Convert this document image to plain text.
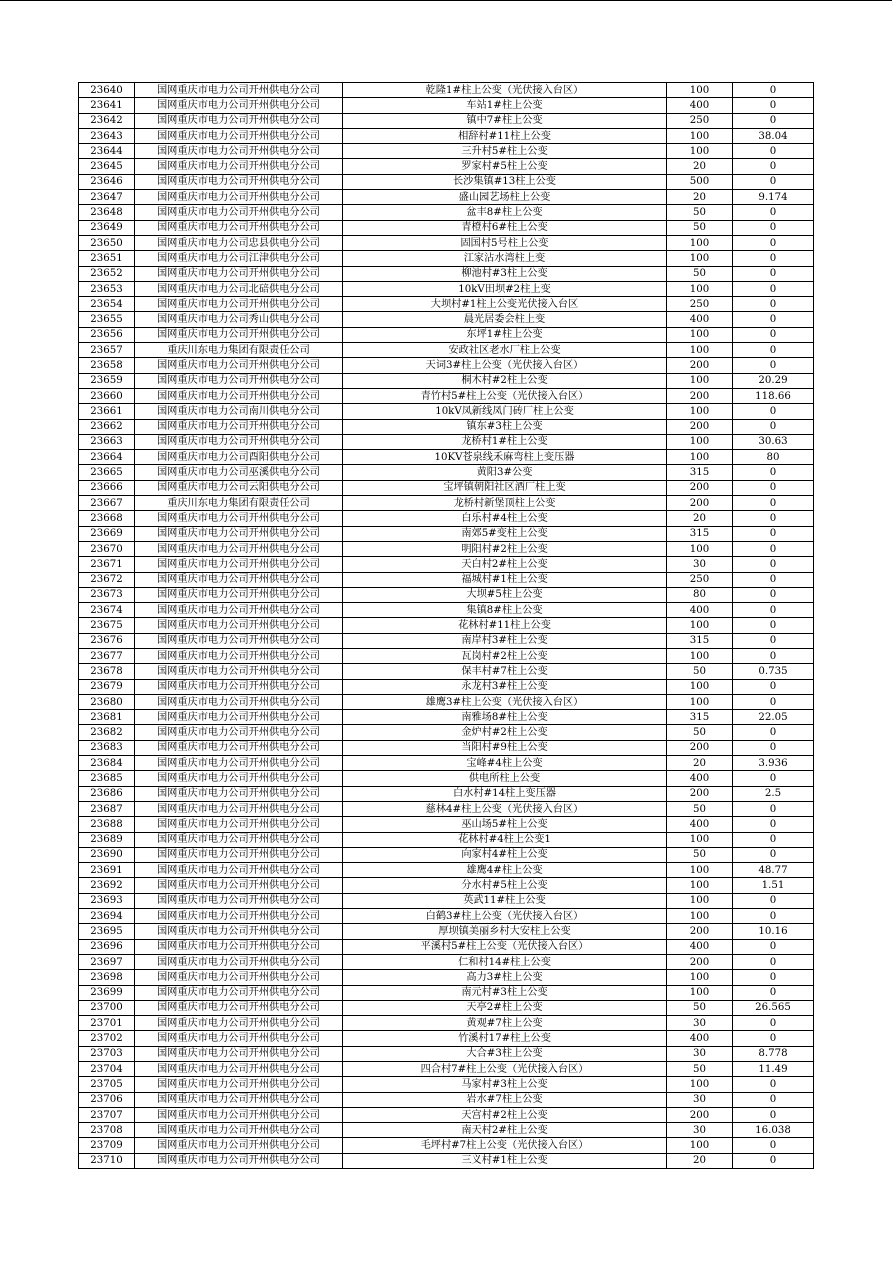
23640	国网重庆市电力公司开州供电分公司	乾隆1#柱上公变（光伏接入台区）	100	0
23641	国网重庆市电力公司开州供电分公司	车站1#柱上公变	400	0
23642	国网重庆市电力公司开州供电分公司	镇中7#柱上公变	250	0
23643	国网重庆市电力公司开州供电分公司	相辞村#11柱上公变	100	38.04
23644	国网重庆市电力公司开州供电分公司	三升村5#柱上公变	100	0
23645	国网重庆市电力公司开州供电分公司	罗家村#5柱上公变	20	0
23646	国网重庆市电力公司开州供电分公司	长沙集镇#13柱上公变	500	0
23647	国网重庆市电力公司开州供电分公司	盛山园艺场柱上公变	20	9.174
23648	国网重庆市电力公司开州供电分公司	盆丰8#柱上公变	50	0
23649	国网重庆市电力公司开州供电分公司	青橙村6#柱上公变	50	0
23650	国网重庆市电力公司忠县供电分公司	固国村5号柱上公变	100	0
23651	国网重庆市电力公司江津供电分公司	江家沾水湾柱上变	100	0
23652	国网重庆市电力公司开州供电分公司	柳池村#3柱上公变	50	0
23653	国网重庆市电力公司北碚供电分公司	10kV田坝#2柱上变	100	0
23654	国网重庆市电力公司开州供电分公司	大坝村#1柱上公变光伏接入台区	250	0
23655	国网重庆市电力公司秀山供电分公司	晨光居委会柱上变	400	0
23656	国网重庆市电力公司开州供电分公司	东坪1#柱上公变	100	0
23657	重庆川东电力集团有限责任公司	安政社区老水厂柱上公变	100	0
23658	国网重庆市电力公司开州供电分公司	天词3#柱上公变（光伏接入台区）	200	0
23659	国网重庆市电力公司开州供电分公司	桐木村#2柱上公变	100	20.29
23660	国网重庆市电力公司开州供电分公司	青竹村5#柱上公变（光伏接入台区）	200	118.66
23661	国网重庆市电力公司南川供电分公司	10kV凤新线凤门砖厂柱上公变	100	0
23662	国网重庆市电力公司开州供电分公司	镇东#3柱上公变	200	0
23663	国网重庆市电力公司开州供电分公司	龙桥村1#柱上公变	100	30.63
23664	国网重庆市电力公司酉阳供电分公司	10KV苍泉线禾麻弯柱上变压器	100	80
23665	国网重庆市电力公司巫溪供电分公司	黄阳3#公变	315	0
23666	国网重庆市电力公司云阳供电分公司	宝坪镇朝阳社区酒厂柱上变	200	0
23667	重庆川东电力集团有限责任公司	龙桥村新堡顶柱上公变	200	0
23668	国网重庆市电力公司开州供电分公司	白乐村#4柱上公变	20	0
23669	国网重庆市电力公司开州供电分公司	南郊5#变柱上公变	315	0
23670	国网重庆市电力公司开州供电分公司	明阳村#2柱上公变	100	0
23671	国网重庆市电力公司开州供电分公司	天白村2#柱上公变	30	0
23672	国网重庆市电力公司开州供电分公司	福城村#1柱上公变	250	0
23673	国网重庆市电力公司开州供电分公司	大坝#5柱上公变	80	0
23674	国网重庆市电力公司开州供电分公司	集镇8#柱上公变	400	0
23675	国网重庆市电力公司开州供电分公司	花林村#11柱上公变	100	0
23676	国网重庆市电力公司开州供电分公司	南岸村3#柱上公变	315	0
23677	国网重庆市电力公司开州供电分公司	瓦岗村#2柱上公变	100	0
23678	国网重庆市电力公司开州供电分公司	保丰村#7柱上公变	50	0.735
23679	国网重庆市电力公司开州供电分公司	永龙村3#柱上公变	100	0
23680	国网重庆市电力公司开州供电分公司	雄鹰3#柱上公变（光伏接入台区）	100	0
23681	国网重庆市电力公司开州供电分公司	南雅场8#柱上公变	315	22.05
23682	国网重庆市电力公司开州供电分公司	金炉村#2柱上公变	50	0
23683	国网重庆市电力公司开州供电分公司	当阳村#9柱上公变	200	0
23684	国网重庆市电力公司开州供电分公司	宝峰#4柱上公变	20	3.936
23685	国网重庆市电力公司开州供电分公司	供电所柱上公变	400	0
23686	国网重庆市电力公司开州供电分公司	白水村#14柱上变压器	200	2.5
23687	国网重庆市电力公司开州供电分公司	慈林4#柱上公变（光伏接入台区）	50	0
23688	国网重庆市电力公司开州供电分公司	巫山场5#柱上公变	400	0
23689	国网重庆市电力公司开州供电分公司	花林村#4柱上公变1	100	0
23690	国网重庆市电力公司开州供电分公司	向家村4#柱上公变	50	0
23691	国网重庆市电力公司开州供电分公司	雄鹰4#柱上公变	100	48.77
23692	国网重庆市电力公司开州供电分公司	分水村#5柱上公变	100	1.51
23693	国网重庆市电力公司开州供电分公司	英武11#柱上公变	100	0
23694	国网重庆市电力公司开州供电分公司	白鹤3#柱上公变（光伏接入台区）	100	0
23695	国网重庆市电力公司开州供电分公司	厚坝镇美丽乡村大安柱上公变	200	10.16
23696	国网重庆市电力公司开州供电分公司	平溪村5#柱上公变（光伏接入台区）	400	0
23697	国网重庆市电力公司开州供电分公司	仁和村14#柱上公变	200	0
23698	国网重庆市电力公司开州供电分公司	高力3#柱上公变	100	0
23699	国网重庆市电力公司开州供电分公司	南元村#3柱上公变	100	0
23700	国网重庆市电力公司开州供电分公司	天亭2#柱上公变	50	26.565
23701	国网重庆市电力公司开州供电分公司	黄观#7柱上公变	30	0
23702	国网重庆市电力公司开州供电分公司	竹溪村17#柱上公变	400	0
23703	国网重庆市电力公司开州供电分公司	大合#3柱上公变	30	8.778
23704	国网重庆市电力公司开州供电分公司	四合村7#柱上公变（光伏接入台区）	50	11.49
23705	国网重庆市电力公司开州供电分公司	马家村#3柱上公变	100	0
23706	国网重庆市电力公司开州供电分公司	岩水#7柱上公变	30	0
23707	国网重庆市电力公司开州供电分公司	天宫村#2柱上公变	200	0
23708	国网重庆市电力公司开州供电分公司	南天村2#柱上公变	30	16.038
23709	国网重庆市电力公司开州供电分公司	毛坪村#7柱上公变（光伏接入台区）	100	0
23710	国网重庆市电力公司开州供电分公司	三义村#1柱上公变	20	0
